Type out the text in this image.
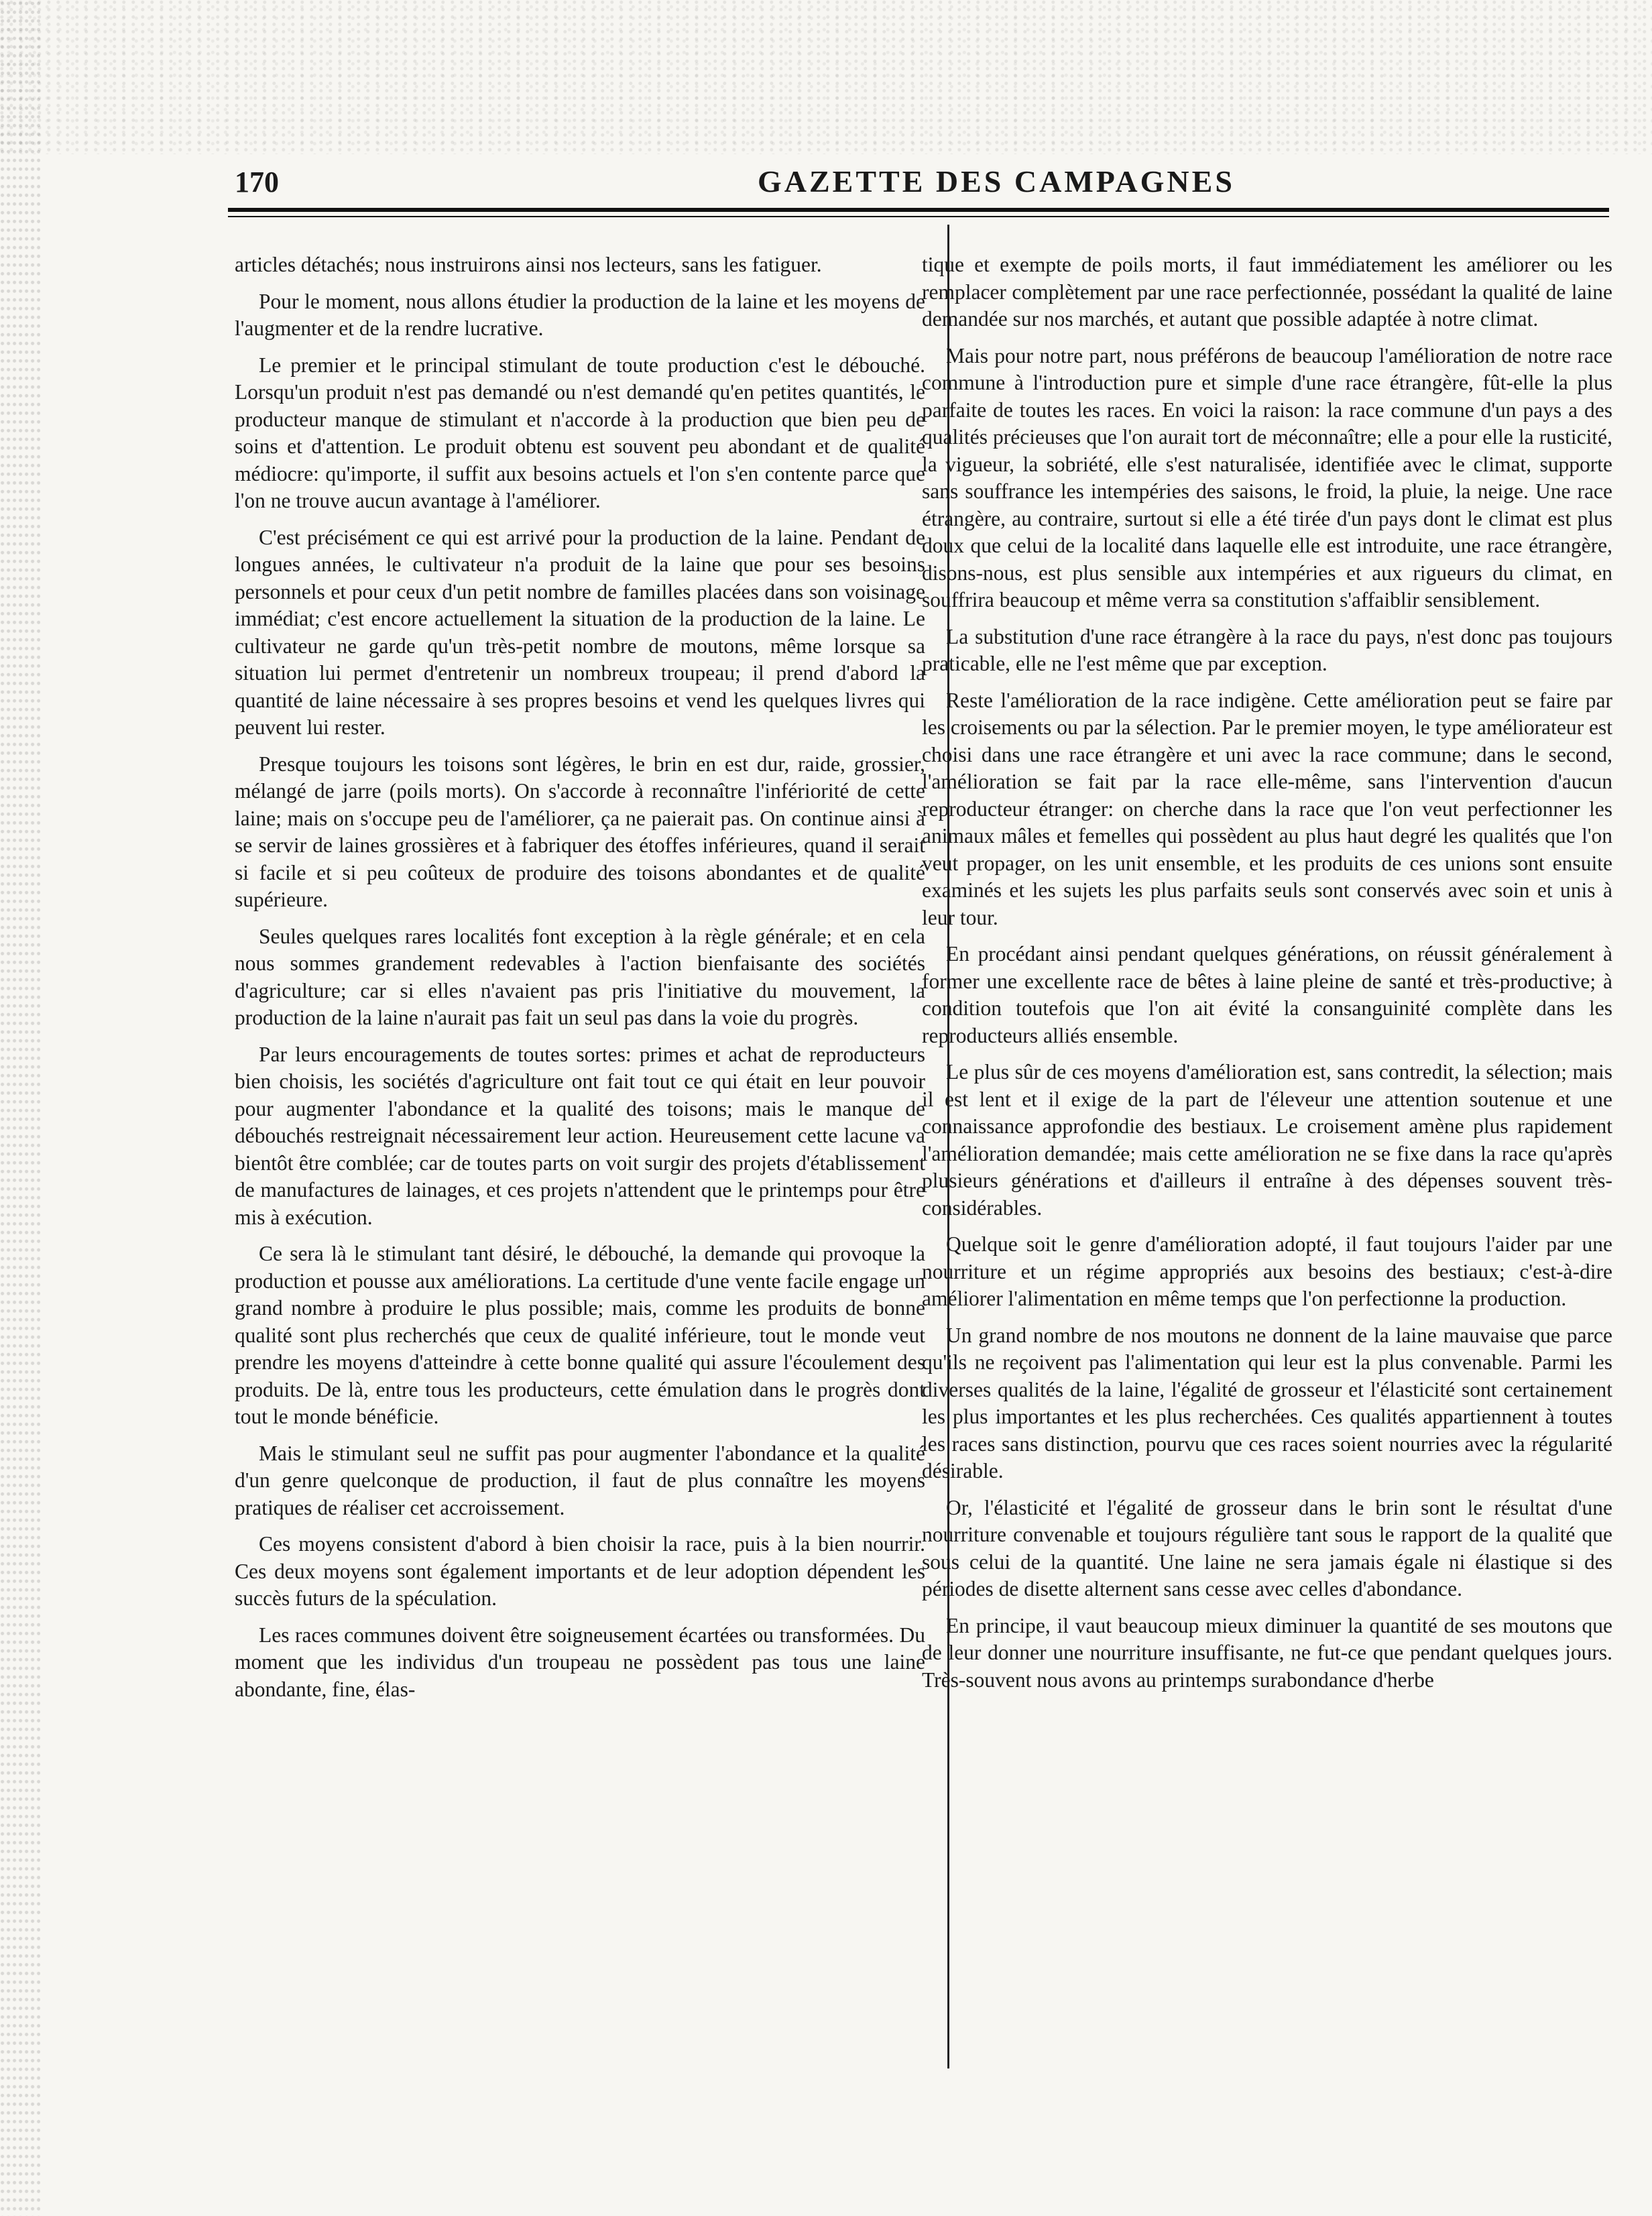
170	GAZETTE DES CAMPAGNES

articles détachés; nous instruirons ainsi nos lecteurs, sans les fatiguer.

Pour le moment, nous allons étudier la production de la laine et les moyens de l'augmenter et de la rendre lucrative.

Le premier et le principal stimulant de toute production c'est le débouché. Lorsqu'un produit n'est pas demandé ou n'est demandé qu'en petites quantités, le producteur manque de stimulant et n'accorde à la production que bien peu de soins et d'attention. Le produit obtenu est souvent peu abondant et de qualité médiocre: qu'importe, il suffit aux besoins actuels et l'on s'en contente parce que l'on ne trouve aucun avantage à l'améliorer.

C'est précisément ce qui est arrivé pour la production de la laine. Pendant de longues années, le cultivateur n'a produit de la laine que pour ses besoins personnels et pour ceux d'un petit nombre de familles placées dans son voisinage immédiat; c'est encore actuellement la situation de la production de la laine. Le cultivateur ne garde qu'un très-petit nombre de moutons, même lorsque sa situation lui permet d'entretenir un nombreux troupeau; il prend d'abord la quantité de laine nécessaire à ses propres besoins et vend les quelques livres qui peuvent lui rester.

Presque toujours les toisons sont légères, le brin en est dur, raide, grossier, mélangé de jarre (poils morts). On s'accorde à reconnaître l'infériorité de cette laine; mais on s'occupe peu de l'améliorer, ça ne paierait pas. On continue ainsi à se servir de laines grossières et à fabriquer des étoffes inférieures, quand il serait si facile et si peu coûteux de produire des toisons abondantes et de qualité supérieure.

Seules quelques rares localités font exception à la règle générale; et en cela nous sommes grandement redevables à l'action bienfaisante des sociétés d'agriculture; car si elles n'avaient pas pris l'initiative du mouvement, la production de la laine n'aurait pas fait un seul pas dans la voie du progrès.

Par leurs encouragements de toutes sortes: primes et achat de reproducteurs bien choisis, les sociétés d'agriculture ont fait tout ce qui était en leur pouvoir pour augmenter l'abondance et la qualité des toisons; mais le manque de débouchés restreignait nécessairement leur action. Heureusement cette lacune va bientôt être comblée; car de toutes parts on voit surgir des projets d'établissement de manufactures de lainages, et ces projets n'attendent que le printemps pour être mis à exécution.

Ce sera là le stimulant tant désiré, le débouché, la demande qui provoque la production et pousse aux améliorations. La certitude d'une vente facile engage un grand nombre à produire le plus possible; mais, comme les produits de bonne qualité sont plus recherchés que ceux de qualité inférieure, tout le monde veut prendre les moyens d'atteindre à cette bonne qualité qui assure l'écoulement des produits. De là, entre tous les producteurs, cette émulation dans le progrès dont tout le monde bénéficie.

Mais le stimulant seul ne suffit pas pour augmenter l'abondance et la qualité d'un genre quelconque de production, il faut de plus connaître les moyens pratiques de réaliser cet accroissement.

Ces moyens consistent d'abord à bien choisir la race, puis à la bien nourrir. Ces deux moyens sont également importants et de leur adoption dépendent les succès futurs de la spéculation.

Les races communes doivent être soigneusement écartées ou transformées. Du moment que les individus d'un troupeau ne possèdent pas tous une laine abondante, fine, élas-

tique et exempte de poils morts, il faut immédiatement les améliorer ou les remplacer complètement par une race perfectionnée, possédant la qualité de laine demandée sur nos marchés, et autant que possible adaptée à notre climat.

Mais pour notre part, nous préférons de beaucoup l'amélioration de notre race commune à l'introduction pure et simple d'une race étrangère, fût-elle la plus parfaite de toutes les races. En voici la raison: la race commune d'un pays a des qualités précieuses que l'on aurait tort de méconnaître; elle a pour elle la rusticité, la vigueur, la sobriété, elle s'est naturalisée, identifiée avec le climat, supporte sans souffrance les intempéries des saisons, le froid, la pluie, la neige. Une race étrangère, au contraire, surtout si elle a été tirée d'un pays dont le climat est plus doux que celui de la localité dans laquelle elle est introduite, une race étrangère, disons-nous, est plus sensible aux intempéries et aux rigueurs du climat, en souffrira beaucoup et même verra sa constitution s'affaiblir sensiblement.

La substitution d'une race étrangère à la race du pays, n'est donc pas toujours praticable, elle ne l'est même que par exception.

Reste l'amélioration de la race indigène. Cette amélioration peut se faire par les croisements ou par la sélection. Par le premier moyen, le type améliorateur est choisi dans une race étrangère et uni avec la race commune; dans le second, l'amélioration se fait par la race elle-même, sans l'intervention d'aucun reproducteur étranger: on cherche dans la race que l'on veut perfectionner les animaux mâles et femelles qui possèdent au plus haut degré les qualités que l'on veut propager, on les unit ensemble, et les produits de ces unions sont ensuite examinés et les sujets les plus parfaits seuls sont conservés avec soin et unis à leur tour.

En procédant ainsi pendant quelques générations, on réussit généralement à former une excellente race de bêtes à laine pleine de santé et très-productive; à condition toutefois que l'on ait évité la consanguinité complète dans les reproducteurs alliés ensemble.

Le plus sûr de ces moyens d'amélioration est, sans contredit, la sélection; mais il est lent et il exige de la part de l'éleveur une attention soutenue et une connaissance approfondie des bestiaux. Le croisement amène plus rapidement l'amélioration demandée; mais cette amélioration ne se fixe dans la race qu'après plusieurs générations et d'ailleurs il entraîne à des dépenses souvent très-considérables.

Quelque soit le genre d'amélioration adopté, il faut toujours l'aider par une nourriture et un régime appropriés aux besoins des bestiaux; c'est-à-dire améliorer l'alimentation en même temps que l'on perfectionne la production.

Un grand nombre de nos moutons ne donnent de la laine mauvaise que parce qu'ils ne reçoivent pas l'alimentation qui leur est la plus convenable. Parmi les diverses qualités de la laine, l'égalité de grosseur et l'élasticité sont certainement les plus importantes et les plus recherchées. Ces qualités appartiennent à toutes les races sans distinction, pourvu que ces races soient nourries avec la régularité désirable.

Or, l'élasticité et l'égalité de grosseur dans le brin sont le résultat d'une nourriture convenable et toujours régulière tant sous le rapport de la qualité que sous celui de la quantité. Une laine ne sera jamais égale ni élastique si des périodes de disette alternent sans cesse avec celles d'abondance.

En principe, il vaut beaucoup mieux diminuer la quantité de ses moutons que de leur donner une nourriture insuffisante, ne fut-ce que pendant quelques jours. Très-souvent nous avons au printemps surabondance d'herbe
